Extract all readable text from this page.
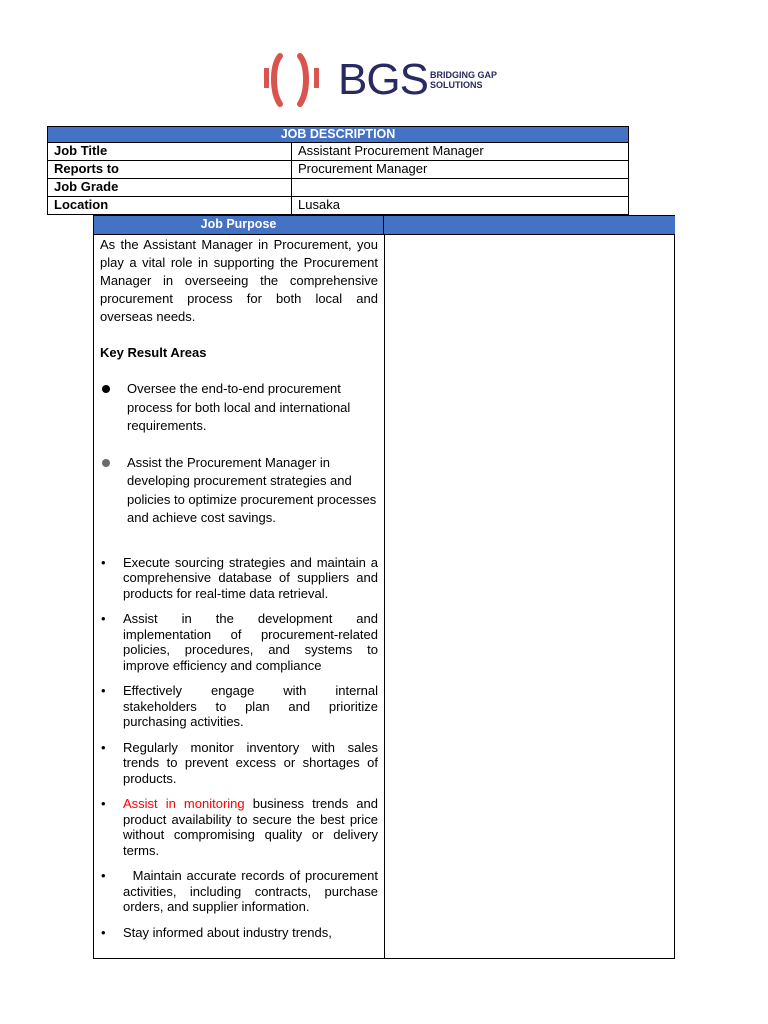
BGS BRIDGING GAP
SOLUTIONS
JOB DESCRIPTION	
Job Title	Assistant Procurement Manager
Reports to	Procurement Manager
Job Grade	
Location	Lusaka
Job Purpose

As the Assistant Manager in Procurement, you play a vital role in supporting the Procurement Manager in overseeing the comprehensive procurement process for both local and overseas needs.

Key Result Areas

Oversee the end-to-end procurement process for both local and international requirements.
Assist the Procurement Manager in developing procurement strategies and policies to optimize procurement processes and achieve cost savings.
• Execute sourcing strategies and maintain a comprehensive database of suppliers and products for real-time data retrieval.
• Assist in the development and implementation of procurement-related policies, procedures, and systems to improve efficiency and compliance
• Effectively engage with internal stakeholders to plan and prioritize purchasing activities.
• Regularly monitor inventory with sales trends to prevent excess or shortages of products.
• Assist in monitoring business trends and product availability to secure the best price without compromising quality or delivery terms.
• Maintain accurate records of procurement activities, including contracts, purchase orders, and supplier information.
• Stay informed about industry trends,
